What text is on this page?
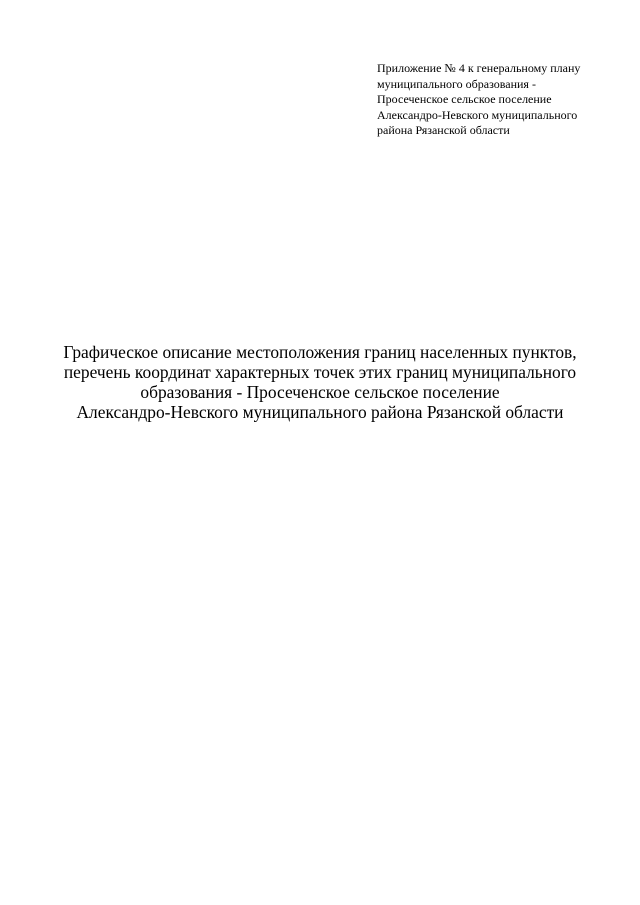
Приложение № 4 к генеральному плану
муниципального образования -
Просеченское сельское поселение
Александро-Невского муниципального
района Рязанской области
Графическое описание местоположения границ населенных пунктов,
перечень координат характерных точек этих границ муниципального
образования - Просеченское сельское поселение
Александро-Невского муниципального района Рязанской области
